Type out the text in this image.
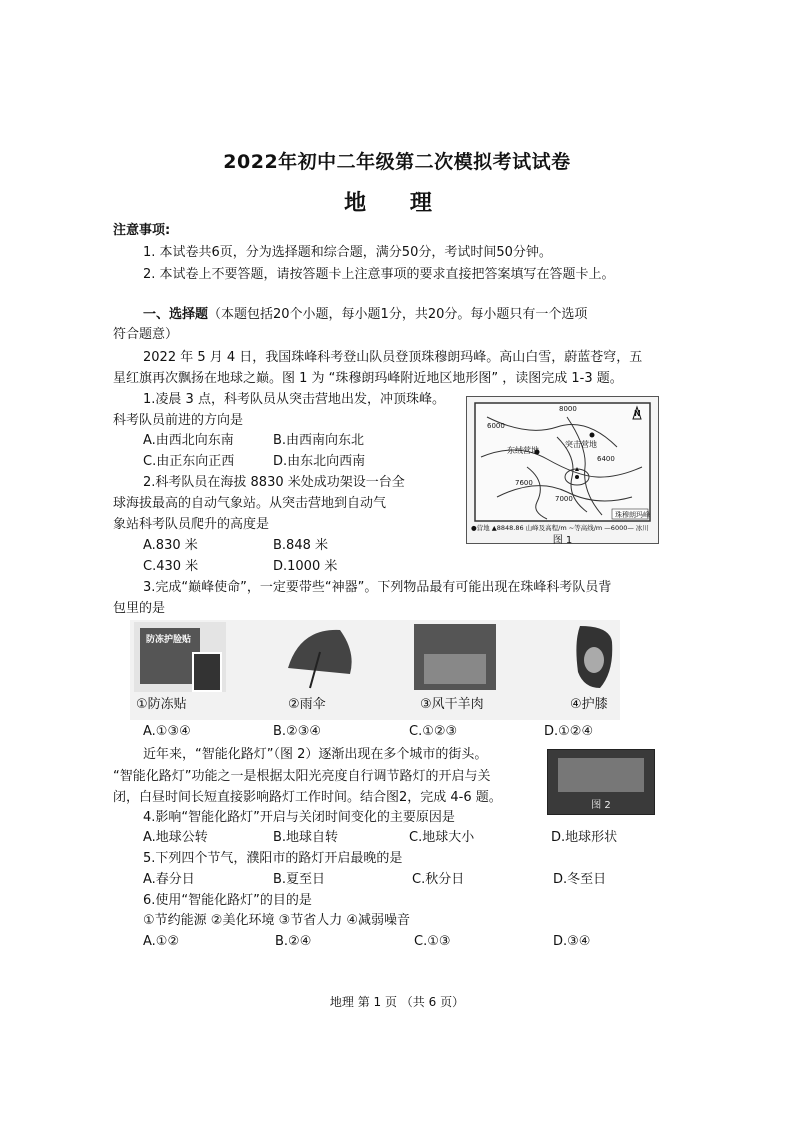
2022年初中二年级第二次模拟考试试卷
地 理
注意事项:
1. 本试卷共6页，分为选择题和综合题，满分50分，考试时间50分钟。
2. 本试卷上不要答题，请按答题卡上注意事项的要求直接把答案填写在答题卡上。
一、选择题（本题包括20个小题，每小题1分，共20分。每小题只有一个选项
符合题意）
2022 年 5 月 4 日，我国珠峰科考登山队员登顶珠穆朗玛峰。高山白雪，蔚蓝苍穹，五
星红旗再次飘扬在地球之巅。图 1 为 “珠穆朗玛峰附近地区地形图” ，读图完成 1-3 题。
1.凌晨 3 点，科考队员从突击营地出发，冲顶珠峰。
科考队员前进的方向是
A.由西北向东南	B.由西南向东北
C.由正东向正西	D.由东北向西南
2.科考队员在海拔 8830 米处成功架设一台全
球海拔最高的自动气象站。从突击营地到自动气
象站科考队员爬升的高度是
A.830 米	B.848 米
C.430 米	D.1000 米
突击营地
东绒营地
珠穆朗玛峰
6000
6400
7000
7600
8000	N
●营地 ▲8848.86 山峰及高程/m ~等高线/m —6000— 冰川
图 1
3.完成“巅峰使命”，一定要带些“神器”。下列物品最有可能出现在珠峰科考队员背
包里的是
防冻护脸贴
①防冻贴	②雨伞	③风干羊肉	④护膝
A.①③④	B.②③④	C.①②③	D.①②④
近年来，“智能化路灯”（图 2）逐渐出现在多个城市的街头。
“智能化路灯”功能之一是根据太阳光亮度自行调节路灯的开启与关
闭，白昼时间长短直接影响路灯工作时间。结合图2，完成 4-6 题。
图 2
4.影响“智能化路灯”开启与关闭时间变化的主要原因是
A.地球公转	B.地球自转	C.地球大小	D.地球形状
5.下列四个节气，濮阳市的路灯开启最晚的是
A.春分日	B.夏至日	C.秋分日	D.冬至日
6.使用“智能化路灯”的目的是
①节约能源 ②美化环境 ③节省人力 ④减弱噪音
A.①②	B.②④	C.①③	D.③④
地理 第 1 页 （共 6 页）
